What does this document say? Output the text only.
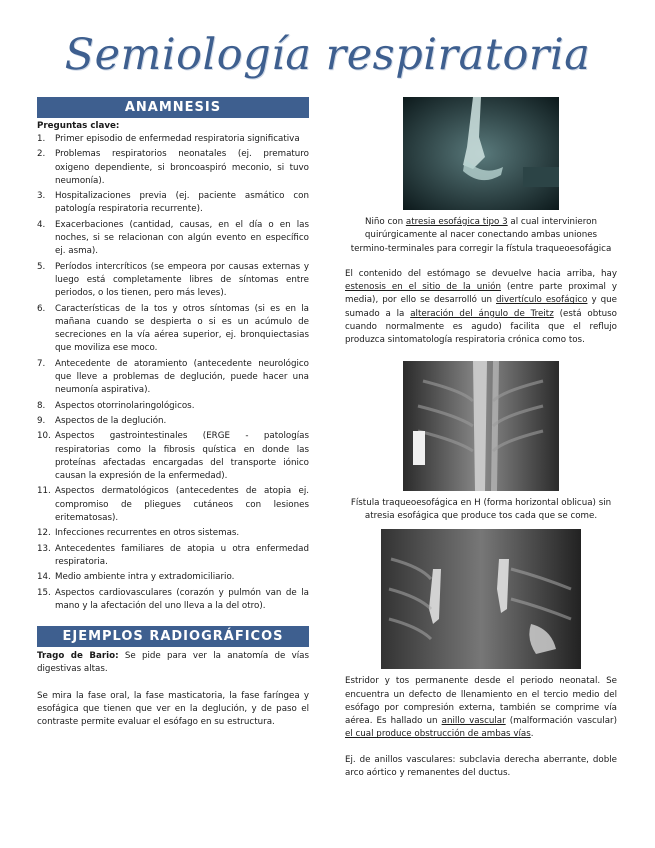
Semiología respiratoria
ANAMNESIS
Preguntas clave:
1.	Primer episodio de enfermedad respiratoria significativa
2.	Problemas respiratorios neonatales (ej. prematuro oxigeno dependiente, si broncoaspiró meconio, si tuvo neumonía).
3.	Hospitalizaciones previa (ej. paciente asmático con patología respiratoria recurrente).
4.	Exacerbaciones (cantidad, causas, en el día o en las noches, si se relacionan con algún evento en específico ej. asma).
5.	Períodos intercríticos (se empeora por causas externas y luego está completamente libres de síntomas entre periodos, o los tienen, pero más leves).
6.	Características de la tos y otros síntomas (si es en la mañana cuando se despierta o si es un acúmulo de secreciones en la vía aérea superior, ej. bronquiectasias que moviliza ese moco.
7.	Antecedente de atoramiento (antecedente neurológico que lleve a problemas de deglución, puede hacer una neumonía aspirativa).
8.	Aspectos otorrinolaringológicos.
9.	Aspectos de la deglución.
10. Aspectos gastrointestinales (ERGE - patologías respiratorias como la fibrosis quística en donde las proteínas afectadas encargadas del transporte iónico causan la expresión de la enfermedad).
11. Aspectos dermatológicos (antecedentes de atopia ej. compromiso de pliegues cutáneos con lesiones eritematosas).
12. Infecciones recurrentes en otros sistemas.
13. Antecedentes familiares de atopia u otra enfermedad respiratoria.
14. Medio ambiente intra y extradomiciliario.
15. Aspectos cardiovasculares (corazón y pulmón van de la mano y la afectación del uno lleva a la del otro).
EJEMPLOS RADIOGRÁFICOS

Trago de Bario: Se pide para ver la anatomía de vías digestivas altas.

Se mira la fase oral, la fase masticatoria, la fase faríngea y esofágica que tienen que ver en la deglución, y de paso el contraste permite evaluar el esófago en su estructura.

Niño con atresia esofágica tipo 3 al cual intervinieron quirúrgicamente al nacer conectando ambas uniones termino-terminales para corregir la fístula traqueoesofágica

El contenido del estómago se devuelve hacia arriba, hay estenosis en el sitio de la unión (entre parte proximal y media), por ello se desarrolló un divertículo esofágico y que sumado a la alteración del ángulo de Treitz (está obtuso cuando normalmente es agudo) facilita que el reflujo produzca sintomatología respiratoria crónica como tos.

Fístula traqueoesofágica en H (forma horizontal oblicua) sin atresia esofágica que produce tos cada que se come.

Estridor y tos permanente desde el periodo neonatal. Se encuentra un defecto de llenamiento en el tercio medio del esófago por compresión externa, también se comprime vía aérea. Es hallado un anillo vascular (malformación vascular) el cual produce obstrucción de ambas vías.

Ej. de anillos vasculares: subclavia derecha aberrante, doble arco aórtico y remanentes del ductus.
